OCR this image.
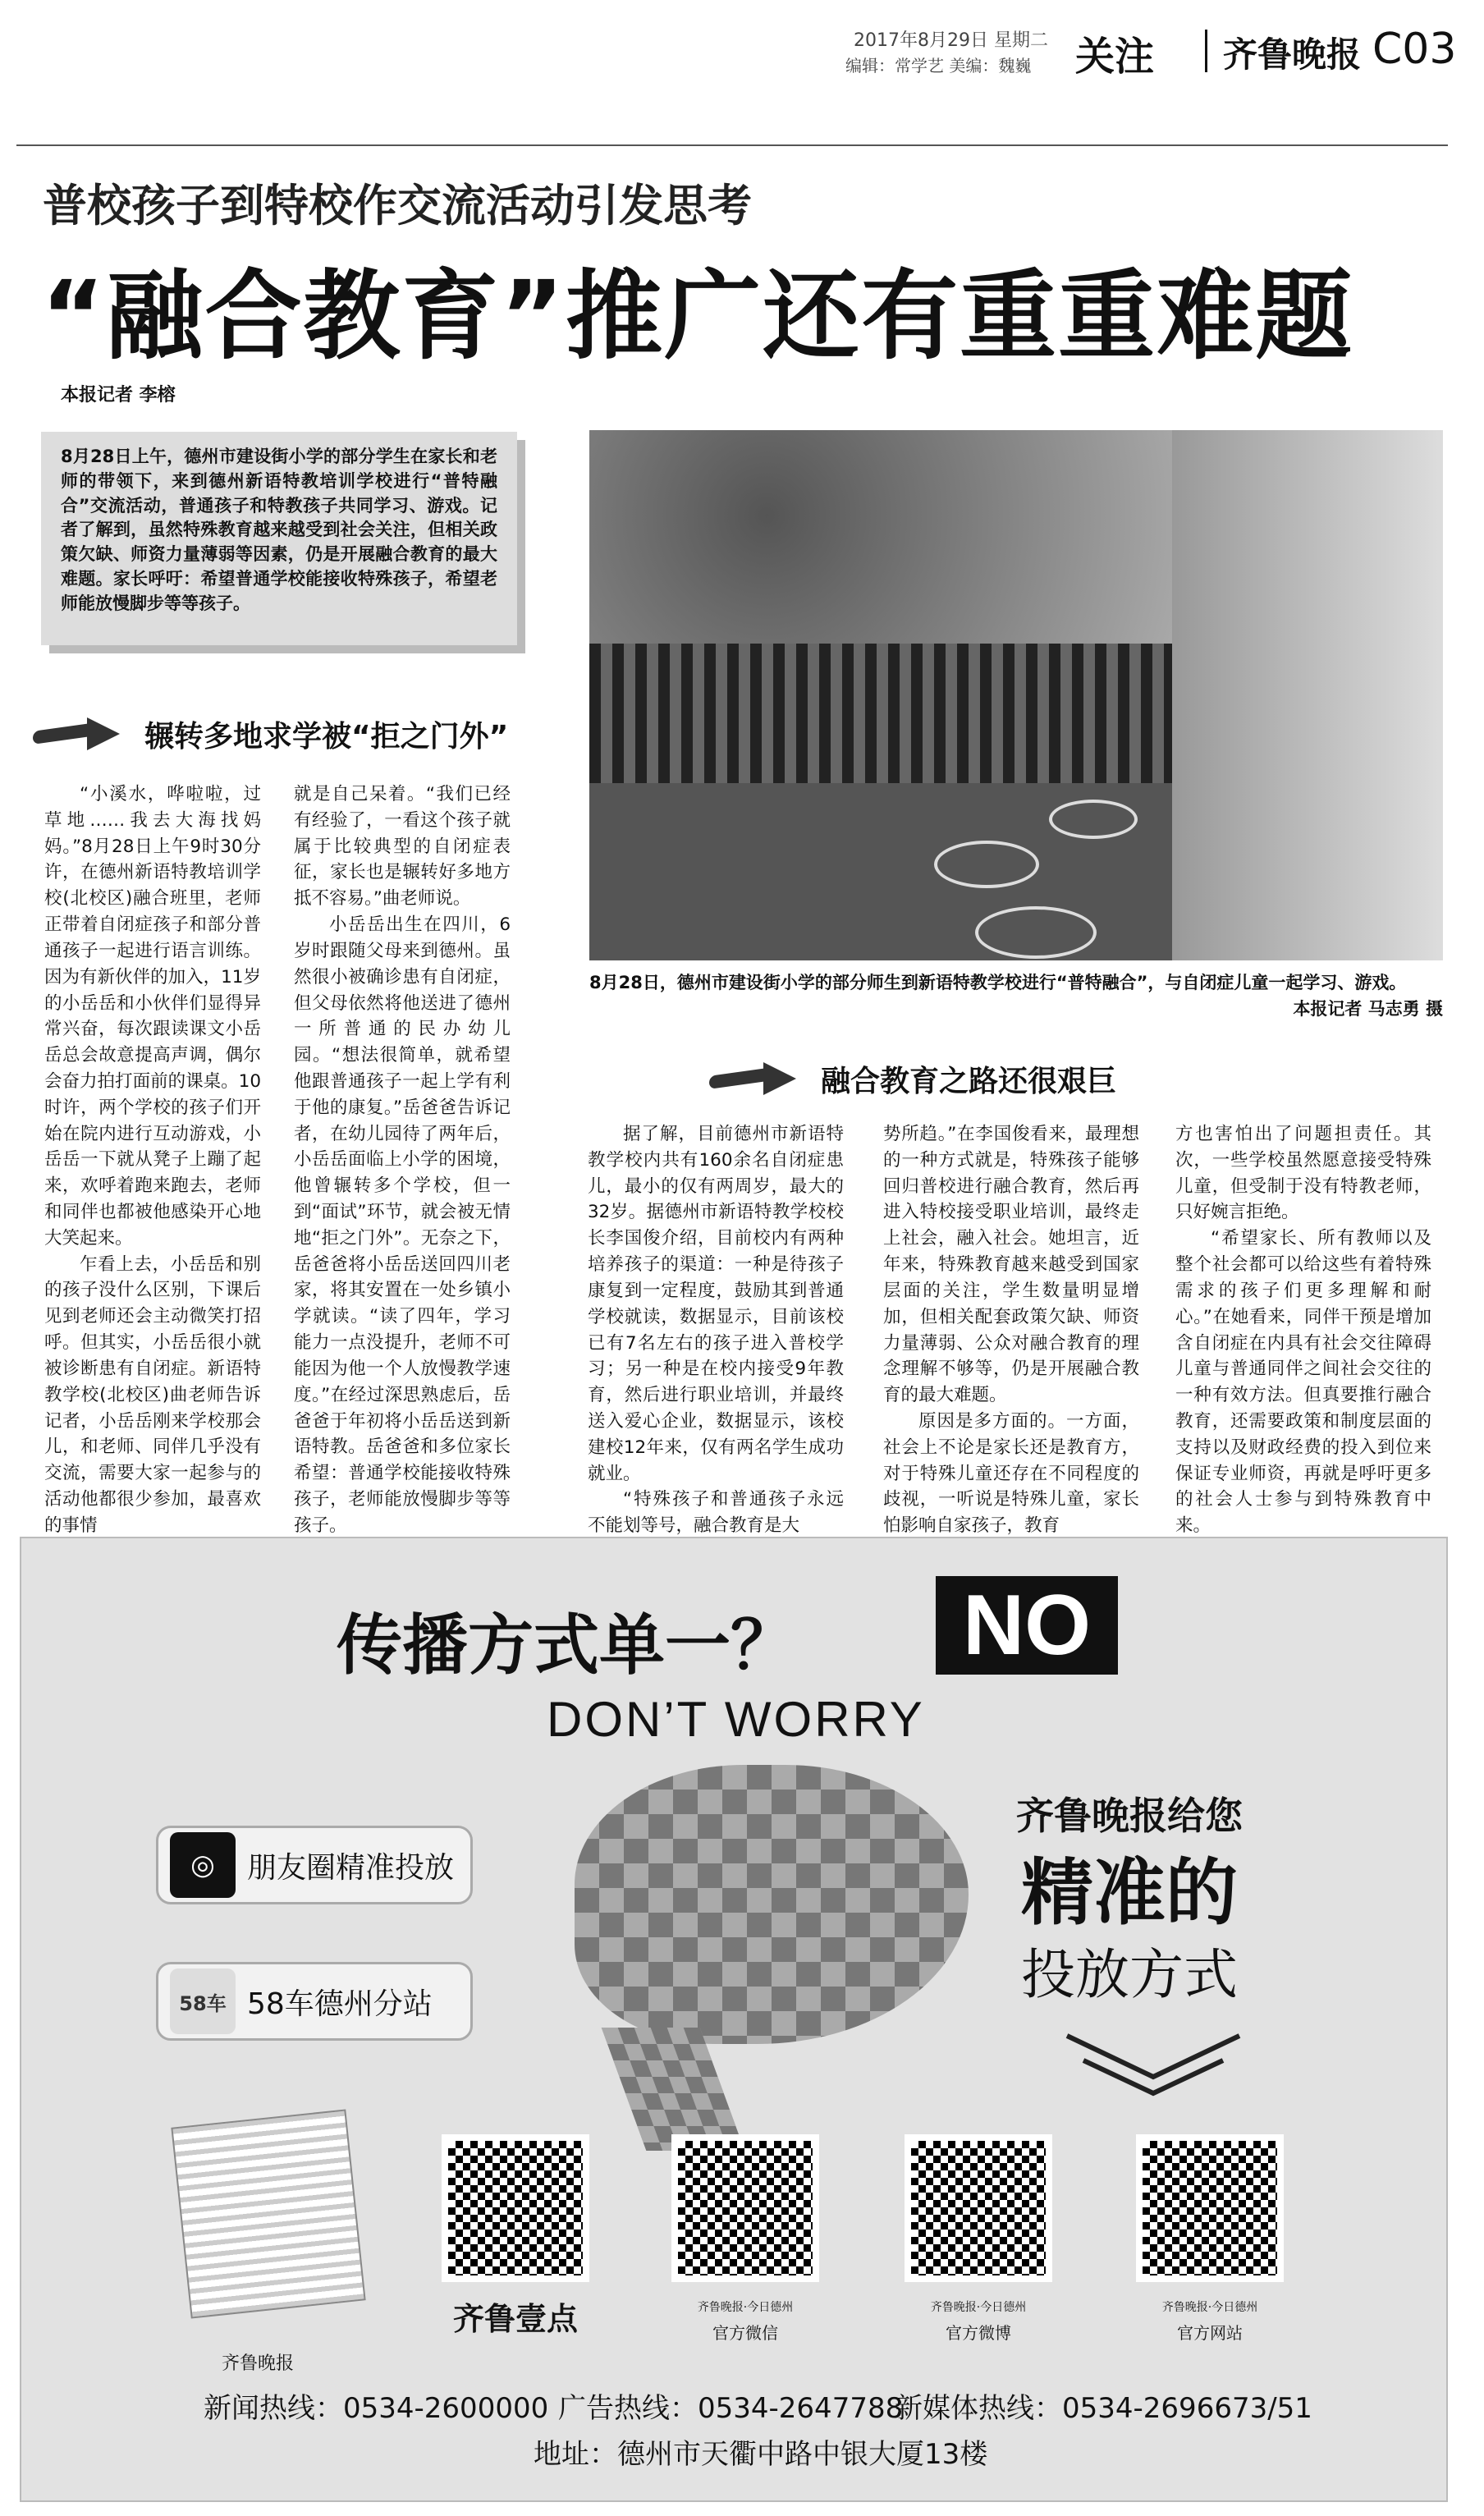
2017年8月29日 星期二
编辑：常学艺 美编：魏巍 关注 齐鲁晚报 C03
普校孩子到特校作交流活动引发思考
“融合教育”推广还有重重难题
本报记者 李榕
8月28日上午，德州市建设街小学的部分学生在家长和老师的带领下，来到德州新语特教培训学校进行“普特融合”交流活动，普通孩子和特教孩子共同学习、游戏。记者了解到，虽然特殊教育越来越受到社会关注，但相关政策欠缺、师资力量薄弱等因素，仍是开展融合教育的最大难题。家长呼吁：希望普通学校能接收特殊孩子，希望老师能放慢脚步等等孩子。
8月28日，德州市建设街小学的部分师生到新语特教学校进行“普特融合”，与自闭症儿童一起学习、游戏。
本报记者 马志勇 摄
辗转多地求学被“拒之门外”

“小溪水，哗啦啦，过草地……我去大海找妈妈。”8月28日上午9时30分许，在德州新语特教培训学校(北校区)融合班里，老师正带着自闭症孩子和部分普通孩子一起进行语言训练。因为有新伙伴的加入，11岁的小岳岳和小伙伴们显得异常兴奋，每次跟读课文小岳岳总会故意提高声调，偶尔会奋力拍打面前的课桌。10时许，两个学校的孩子们开始在院内进行互动游戏，小岳岳一下就从凳子上蹦了起来，欢呼着跑来跑去，老师和同伴也都被他感染开心地大笑起来。

乍看上去，小岳岳和别的孩子没什么区别，下课后见到老师还会主动微笑打招呼。但其实，小岳岳很小就被诊断患有自闭症。新语特教学校(北校区)曲老师告诉记者，小岳岳刚来学校那会儿，和老师、同伴几乎没有交流，需要大家一起参与的活动他都很少参加，最喜欢的事情

就是自己呆着。“我们已经有经验了，一看这个孩子就属于比较典型的自闭症表征，家长也是辗转好多地方抵不容易。”曲老师说。

小岳岳出生在四川，6岁时跟随父母来到德州。虽然很小被确诊患有自闭症，但父母依然将他送进了德州一所普通的民办幼儿园。“想法很简单，就希望他跟普通孩子一起上学有利于他的康复。”岳爸爸告诉记者，在幼儿园待了两年后，小岳岳面临上小学的困境，他曾辗转多个学校，但一到“面试”环节，就会被无情地“拒之门外”。无奈之下，岳爸爸将小岳岳送回四川老家，将其安置在一处乡镇小学就读。“读了四年，学习能力一点没提升，老师不可能因为他一个人放慢教学速度。”在经过深思熟虑后，岳爸爸于年初将小岳岳送到新语特教。岳爸爸和多位家长希望：普通学校能接收特殊孩子，老师能放慢脚步等等孩子。

融合教育之路还很艰巨

据了解，目前德州市新语特教学校内共有160余名自闭症患儿，最小的仅有两周岁，最大的32岁。据德州市新语特教学校校长李国俊介绍，目前校内有两种培养孩子的渠道：一种是待孩子康复到一定程度，鼓励其到普通学校就读，数据显示，目前该校已有7名左右的孩子进入普校学习；另一种是在校内接受9年教育，然后进行职业培训，并最终送入爱心企业，数据显示，该校建校12年来，仅有两名学生成功就业。

“特殊孩子和普通孩子永远不能划等号，融合教育是大

势所趋。”在李国俊看来，最理想的一种方式就是，特殊孩子能够回归普校进行融合教育，然后再进入特校接受职业培训，最终走上社会，融入社会。她坦言，近年来，特殊教育越来越受到国家层面的关注，学生数量明显增加，但相关配套政策欠缺、师资力量薄弱、公众对融合教育的理念理解不够等，仍是开展融合教育的最大难题。

原因是多方面的。一方面，社会上不论是家长还是教育方，对于特殊儿童还存在不同程度的歧视，一听说是特殊儿童，家长怕影响自家孩子，教育

方也害怕出了问题担责任。其次，一些学校虽然愿意接受特殊儿童，但受制于没有特教老师，只好婉言拒绝。

“希望家长、所有教师以及整个社会都可以给这些有着特殊需求的孩子们更多理解和耐心。”在她看来，同伴干预是增加含自闭症在内具有社会交往障碍儿童与普通同伴之间社会交往的一种有效方法。但真要推行融合教育，还需要政策和制度层面的支持以及财政经费的投入到位来保证专业师资，再就是呼吁更多的社会人士参与到特殊教育中来。

传播方式单一？	NO
DON’T WORRY
◎	朋友圈精准投放
58车 58车德州分站
齐鲁晚报给您
精准的
投放方式
齐鲁晚报
齐鲁壹点	齐鲁晚报·今日德州
官方微信
齐鲁晚报·今日德州
官方微博
齐鲁晚报·今日德州
官方网站
新闻热线：0534-2600000 广告热线：0534-2647788
新媒体热线：0534-2696673/51
地址：德州市天衢中路中银大厦13楼
